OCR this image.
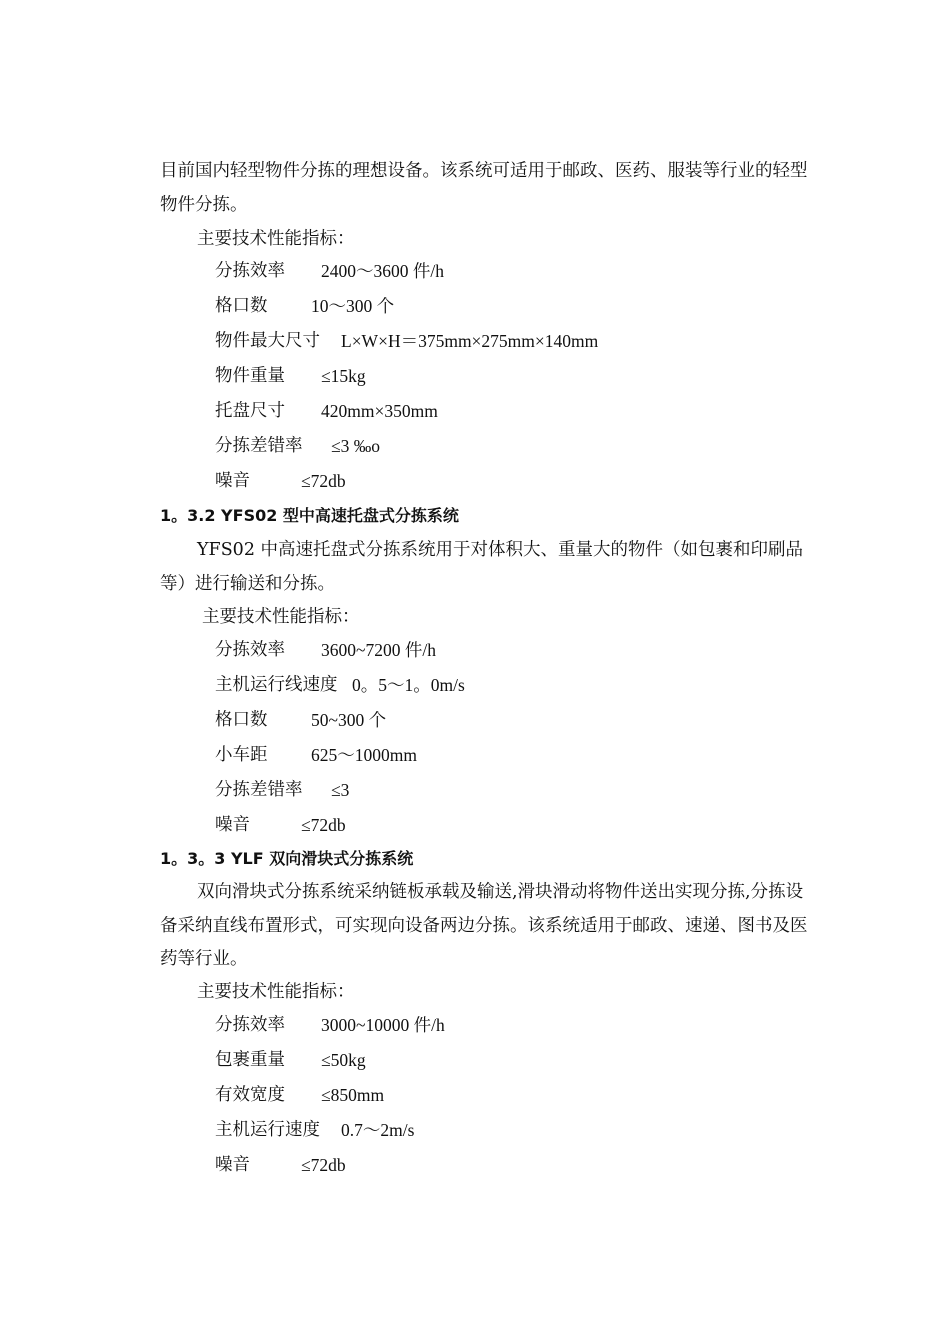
目前国内轻型物件分拣的理想设备。该系统可适用于邮政、医药、服装等行业的轻型
物件分拣。
主要技术性能指标：
分拣效率 2400～3600 件/h
格口数 10～300 个
物件最大尺寸 L×W×H＝375mm×275mm×140mm
物件重量 ≤15kg
托盘尺寸 420mm×350mm
分拣差错率 ≤3 ‰o
噪音	≤72db
1。3.2 YFS02 型中高速托盘式分拣系统
YFS02 中高速托盘式分拣系统用于对体积大、重量大的物件（如包裹和印刷品
等）进行输送和分拣。
主要技术性能指标：
分拣效率 3600~7200 件/h
主机运行线速度 0。5～1。0m/s
格口数 50~300 个
小车距 625～1000mm
分拣差错率 ≤3
噪音	≤72db
1。3。3 YLF 双向滑块式分拣系统
双向滑块式分拣系统采纳链板承载及输送,滑块滑动将物件送出实现分拣,分拣设
备采纳直线布置形式，可实现向设备两边分拣。该系统适用于邮政、速递、图书及医
药等行业。
主要技术性能指标：
分拣效率 3000~10000 件/h
包裹重量 ≤50kg
有效宽度 ≤850mm
主机运行速度 0.7～2m/s
噪音	≤72db
